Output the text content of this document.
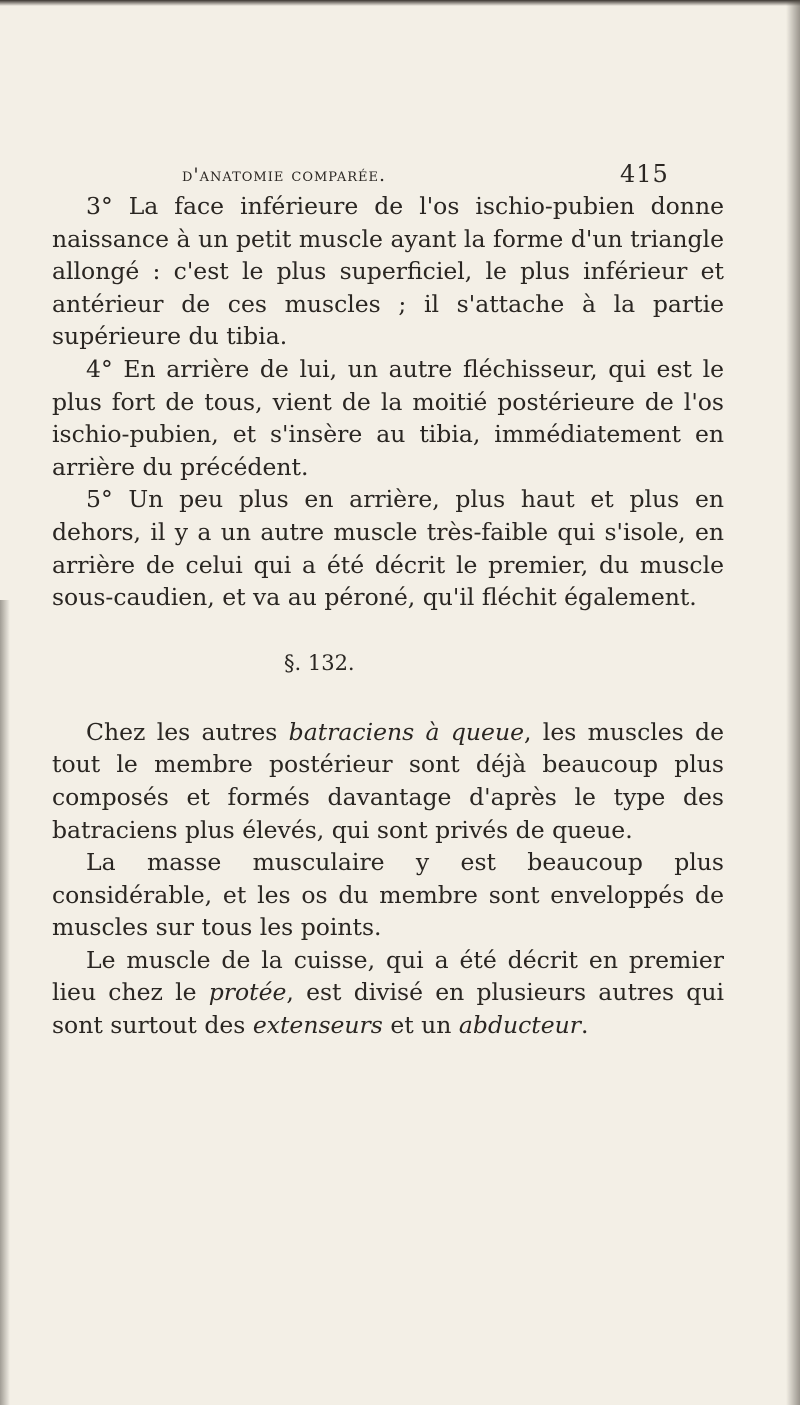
d'anatomie comparée.	415

3° La face inférieure de l'os ischio-pubien donne naissance à un petit muscle ayant la forme d'un triangle allongé : c'est le plus superficiel, le plus inférieur et antérieur de ces muscles ; il s'attache à la partie supérieure du tibia.

4° En arrière de lui, un autre fléchisseur, qui est le plus fort de tous, vient de la moitié postérieure de l'os ischio-pubien, et s'insère au tibia, immédiatement en arrière du précédent.

5° Un peu plus en arrière, plus haut et plus en dehors, il y a un autre muscle très-faible qui s'isole, en arrière de celui qui a été décrit le premier, du muscle sous-caudien, et va au péroné, qu'il fléchit également.

§. 132.

Chez les autres batraciens à queue, les muscles de tout le membre postérieur sont déjà beaucoup plus composés et formés davantage d'après le type des batraciens plus élevés, qui sont privés de queue.

La masse musculaire y est beaucoup plus considérable, et les os du membre sont enveloppés de muscles sur tous les points.

Le muscle de la cuisse, qui a été décrit en premier lieu chez le protée, est divisé en plusieurs autres qui sont surtout des extenseurs et un abducteur.
